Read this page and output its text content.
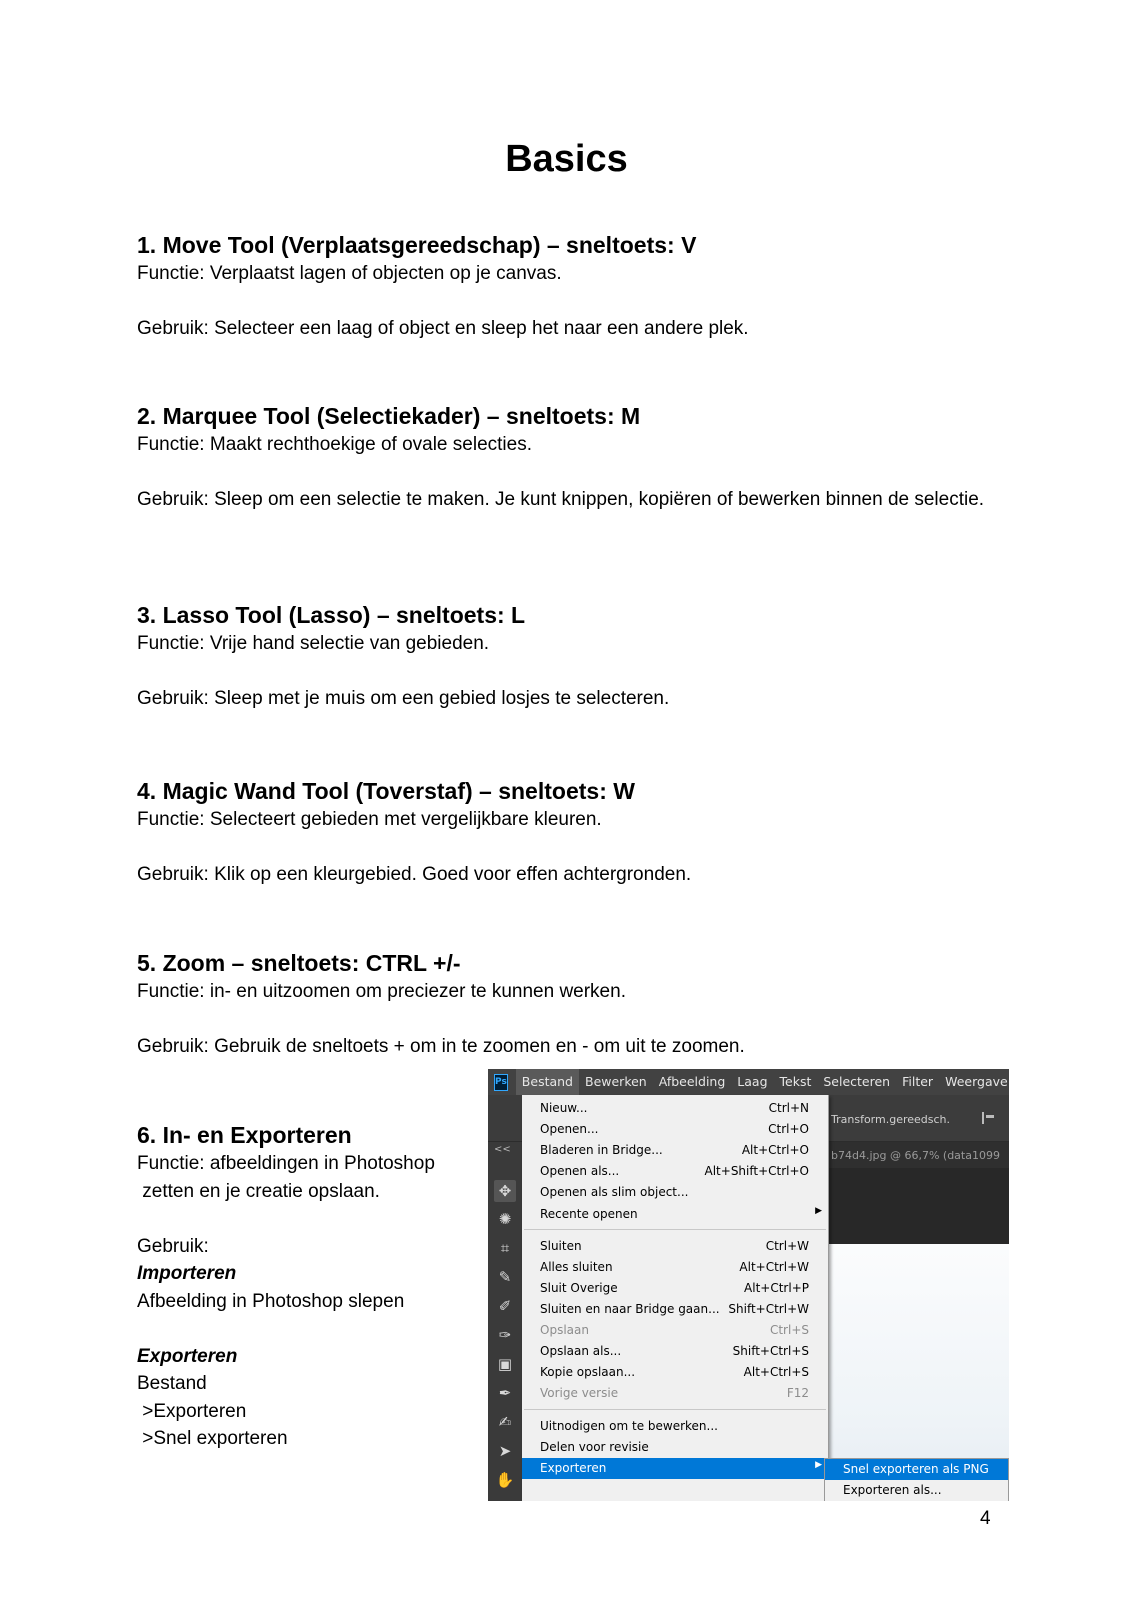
Basics
1. Move Tool (Verplaatsgereedschap) – sneltoets: V

Functie: Verplaatst lagen of objecten op je canvas.

Gebruik: Selecteer een laag of object en sleep het naar een andere plek.

2. Marquee Tool (Selectiekader) – sneltoets: M

Functie: Maakt rechthoekige of ovale selecties.

Gebruik: Sleep om een selectie te maken. Je kunt knippen, kopiëren of bewerken binnen de selectie.

3. Lasso Tool (Lasso) – sneltoets: L

Functie: Vrije hand selectie van gebieden.

Gebruik: Sleep met je muis om een gebied losjes te selecteren.

4. Magic Wand Tool (Toverstaf) – sneltoets: W

Functie: Selecteert gebieden met vergelijkbare kleuren.

Gebruik: Klik op een kleurgebied. Goed voor effen achtergronden.

5. Zoom – sneltoets: CTRL +/-

Functie: in- en uitzoomen om preciezer te kunnen werken.

Gebruik: Gebruik de sneltoets + om in te zoomen en - om uit te zoomen.

6. In- en Exporteren

Functie: afbeeldingen in Photoshop

zetten en je creatie opslaan.

Gebruik:

Importeren

Afbeelding in Photoshop slepen

Exporteren

Bestand

>Exporteren

>Snel exporteren

Ps	Bestand Bewerken Afbeelding Laag Tekst Selecteren Filter Weergave
Transform.gereedsch.
b74d4.jpg @ 66,7% (data1099
<<
✥
✺
⌗
✎
✐
✑
▣
✒
✍
➤
✋
Nieuw...	Ctrl+N
Openen...	Ctrl+O
Bladeren in Bridge...	Alt+Ctrl+O
Openen als...	Alt+Shift+Ctrl+O
Openen als slim object...
Recente openen	▶
Sluiten	Ctrl+W
Alles sluiten	Alt+Ctrl+W
Sluit Overige	Alt+Ctrl+P
Sluiten en naar Bridge gaan... Shift+Ctrl+W
Opslaan	Ctrl+S
Opslaan als...	Shift+Ctrl+S
Kopie opslaan...	Alt+Ctrl+S
Vorige versie	F12
Uitnodigen om te bewerken...
Delen voor revisie
Exporteren	▶ Snel exporteren als PNG
Exporteren als...
4
